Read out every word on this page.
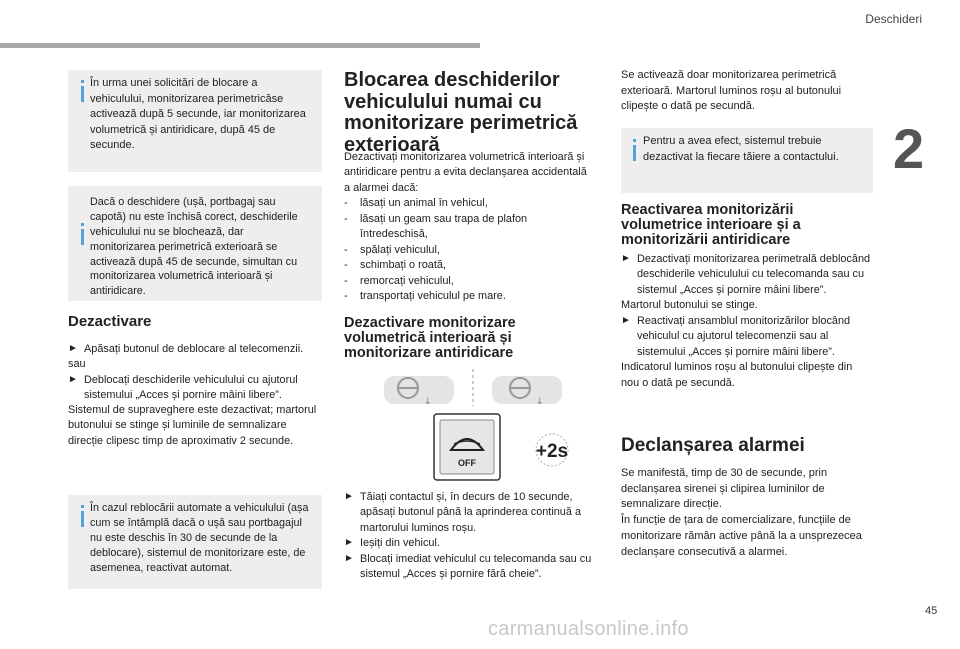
Deschideri
2

În urma unei solicitări de blocare a vehiculului, monitorizarea perimetricăse activează după 5 secunde, iar monitorizarea volumetrică și antiridicare, după 45 de secunde.

Dacă o deschidere (ușă, portbagaj sau capotă) nu este închisă corect, deschiderile vehiculului nu se blochează, dar monitorizarea perimetrică exterioară se activează după 45 de secunde, simultan cu monitorizarea volumetrică interioară și antiridicare.

Dezactivare

► Apăsați butonul de deblocare al telecomenzii.

sau

► Deblocați deschiderile vehiculului cu ajutorul sistemului „Acces și pornire mâini libere”.

Sistemul de supraveghere este dezactivat; martorul butonului se stinge și luminile de semnalizare direcție clipesc timp de aproximativ 2 secunde.

În cazul reblocării automate a vehiculului (așa cum se întâmplă dacă o ușă sau portbagajul nu este deschis în 30 de secunde de la deblocare), sistemul de monitorizare este, de asemenea, reactivat automat.

Blocarea deschiderilor vehiculului numai cu monitorizare perimetrică exterioară

Dezactivați monitorizarea volumetrică interioară și antiridicare pentru a evita declanșarea accidentală a alarmei dacă:

- lăsați un animal în vehicul,

- lăsați un geam sau trapa de plafon întredeschisă,

- spălați vehiculul,

- schimbați o roată,

- remorcați vehiculul,

- transportați vehiculul pe mare.

Dezactivare monitorizare volumetrică interioară și monitorizare antiridicare
↓	↓
OFF
+2s

► Tăiați contactul și, în decurs de 10 secunde, apăsați butonul până la aprinderea continuă a martorului luminos roșu.

► Ieșiți din vehicul.

► Blocați imediat vehiculul cu telecomanda sau cu sistemul „Acces și pornire fără cheie”.

Se activează doar monitorizarea perimetrică exterioară. Martorul luminos roșu al butonului clipește o dată pe secundă.

Pentru a avea efect, sistemul trebuie dezactivat la fiecare tăiere a contactului.

Reactivarea monitorizării volumetrice interioare și a monitorizării antiridicare

► Dezactivați monitorizarea perimetrală deblocând deschiderile vehiculului cu telecomanda sau cu sistemul „Acces și pornire mâini libere”.

Martorul butonului se stinge.

► Reactivați ansamblul monitorizărilor blocând vehiculul cu ajutorul telecomenzii sau al sistemului „Acces și pornire mâini libere”.

Indicatorul luminos roșu al butonului clipește din nou o dată pe secundă.

Declanșarea alarmei

Se manifestă, timp de 30 de secunde, prin declanșarea sirenei și clipirea luminilor de semnalizare direcție.

În funcție de țara de comercializare, funcțiile de monitorizare rămân active până la a unsprezecea declanșare consecutivă a alarmei.

45
carmanualsonline.info
